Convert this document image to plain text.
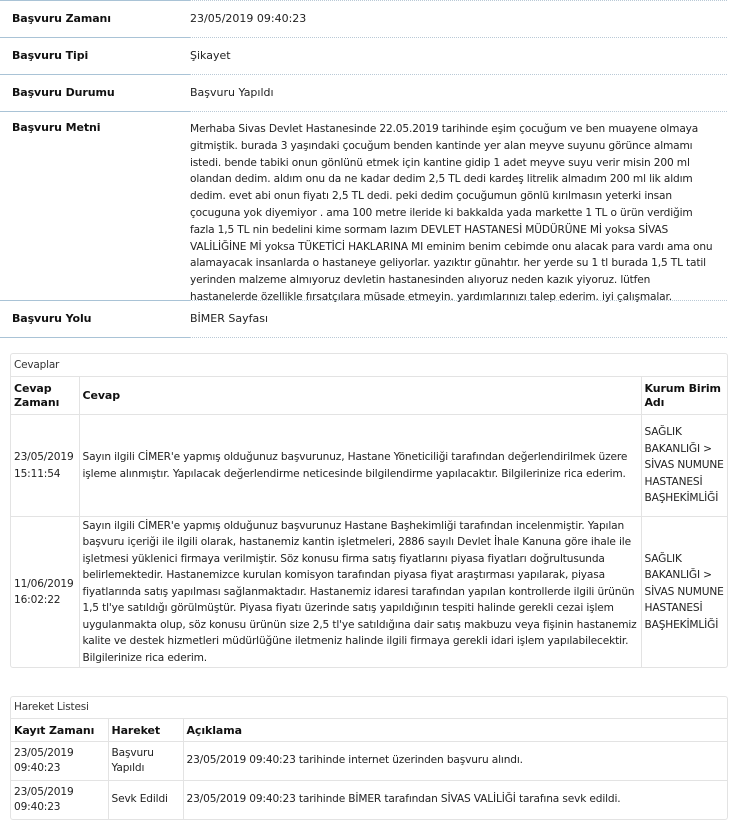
Başvuru Zamanı	23/05/2019 09:40:23
Başvuru Tipi	Şikayet
Başvuru Durumu	Başvuru Yapıldı
Başvuru Metni	Merhaba Sivas Devlet Hastanesinde 22.05.2019 tarihinde eşim çocuğum ve ben muayene olmaya gitmiştik. burada 3 yaşındaki çocuğum benden kantinde yer alan meyve suyunu görünce almamı istedi. bende tabiki onun gönlünü etmek için kantine gidip 1 adet meyve suyu verir misin 200 ml olandan dedim. aldım onu da ne kadar dedim 2,5 TL dedi kardeş litrelik almadım 200 ml lik aldım dedim. evet abi onun fiyatı 2,5 TL dedi. peki dedim çocuğumun gönlü kırılmasın yeterki insan çocuguna yok diyemiyor . ama 100 metre ileride ki bakkalda yada markette 1 TL o ürün verdiğim fazla 1,5 TL nin bedelini kime sormam lazım DEVLET HASTANESİ MÜDÜRÜNE Mİ yoksa SİVAS VALİLİĞİNE Mİ yoksa TÜKETİCİ HAKLARINA MI eminim benim cebimde onu alacak para vardı ama onu alamayacak insanlarda o hastaneye geliyorlar. yazıktır günahtır. her yerde su 1 tl burada 1,5 TL tatil yerinden malzeme almıyoruz devletin hastanesinden alıyoruz neden kazık yiyoruz. lütfen hastanelerde özellikle fırsatçılara müsade etmeyin. yardımlarınızı talep ederim. iyi çalışmalar.
Başvuru Yolu	BİMER Sayfası
Cevaplar
Cevap Zamanı	Cevap	Kurum Birim Adı
23/05/2019 15:11:54	Sayın ilgili CİMER'e yapmış olduğunuz başvurunuz, Hastane Yöneticiliği tarafından değerlendirilmek üzere işleme alınmıştır. Yapılacak değerlendirme neticesinde bilgilendirme yapılacaktır. Bilgilerinize rica ederim.	SAĞLIK BAKANLIĞI > SİVAS NUMUNE HASTANESİ BAŞHEKİMLİĞİ
11/06/2019 16:02:22	Sayın ilgili CİMER'e yapmış olduğunuz başvurunuz Hastane Başhekimliği tarafından incelenmiştir. Yapılan başvuru içeriği ile ilgili olarak, hastanemiz kantin işletmeleri, 2886 sayılı Devlet İhale Kanuna göre ihale ile işletmesi yüklenici firmaya verilmiştir. Söz konusu firma satış fiyatlarını piyasa fiyatları doğrultusunda belirlemektedir. Hastanemizce kurulan komisyon tarafından piyasa fiyat araştırması yapılarak, piyasa fiyatlarında satış yapılması sağlanmaktadır. Hastanemiz idaresi tarafından yapılan kontrollerde ilgili ürünün 1,5 tl'ye satıldığı görülmüştür. Piyasa fiyatı üzerinde satış yapıldığının tespiti halinde gerekli cezai işlem uygulanmakta olup, söz konusu ürünün size 2,5 tl'ye satıldığına dair satış makbuzu veya fişinin hastanemiz kalite ve destek hizmetleri müdürlüğüne iletmeniz halinde ilgili firmaya gerekli idari işlem yapılabilecektir. Bilgilerinize rica ederim.	SAĞLIK BAKANLIĞI > SİVAS NUMUNE HASTANESİ BAŞHEKİMLİĞİ
Hareket Listesi
Kayıt Zamanı	Hareket	Açıklama
23/05/2019 09:40:23	Başvuru Yapıldı	23/05/2019 09:40:23 tarihinde internet üzerinden başvuru alındı.
23/05/2019 09:40:23	Sevk Edildi	23/05/2019 09:40:23 tarihinde BİMER tarafından SİVAS VALİLİĞİ tarafına sevk edildi.
